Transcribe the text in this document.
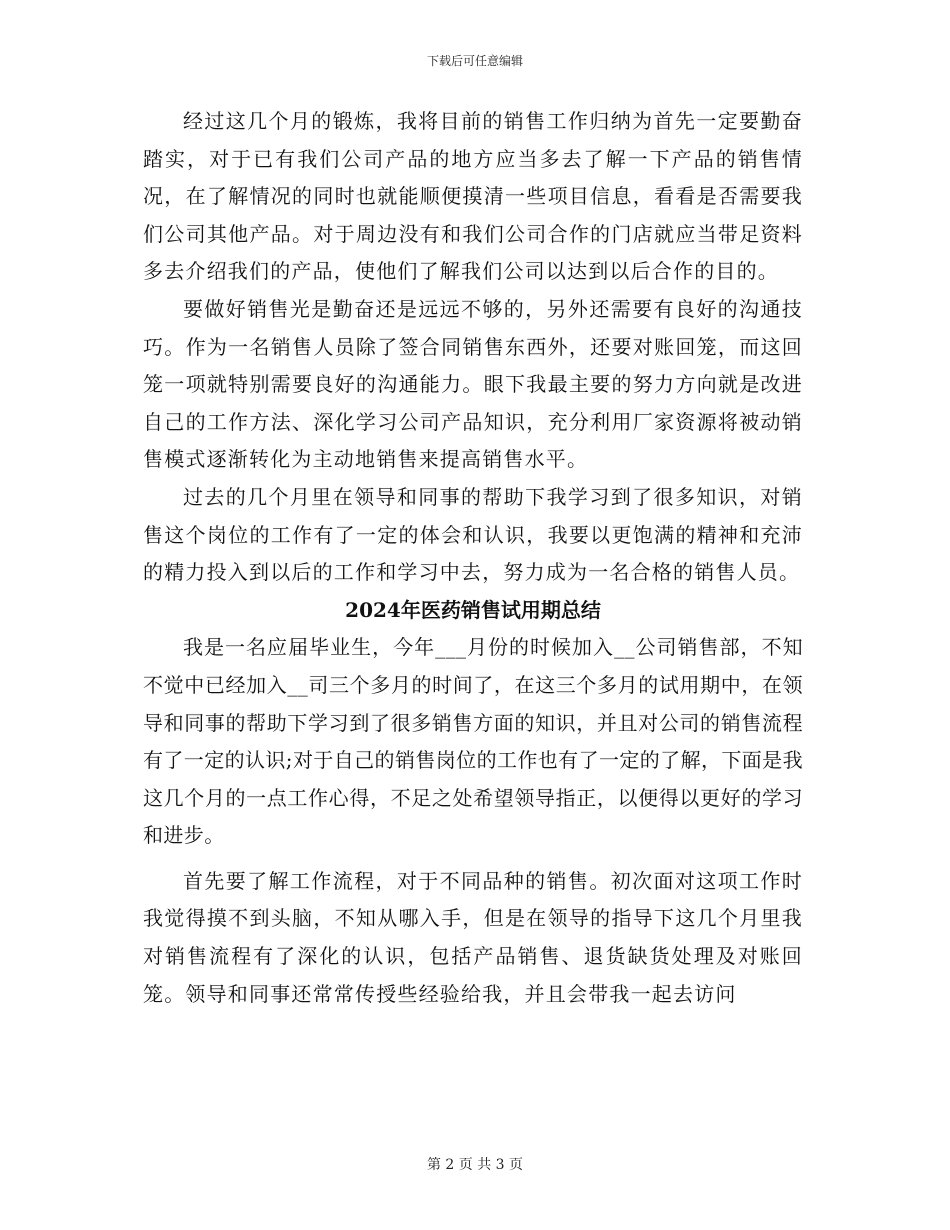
下载后可任意编辑

经过这几个月的锻炼，我将目前的销售工作归纳为首先一定要勤奋踏实，对于已有我们公司产品的地方应当多去了解一下产品的销售情况，在了解情况的同时也就能顺便摸清一些项目信息，看看是否需要我们公司其他产品。对于周边没有和我们公司合作的门店就应当带足资料多去介绍我们的产品，使他们了解我们公司以达到以后合作的目的。

要做好销售光是勤奋还是远远不够的，另外还需要有良好的沟通技巧。作为一名销售人员除了签合同销售东西外，还要对账回笼，而这回笼一项就特别需要良好的沟通能力。眼下我最主要的努力方向就是改进自己的工作方法、深化学习公司产品知识，充分利用厂家资源将被动销售模式逐渐转化为主动地销售来提高销售水平。

过去的几个月里在领导和同事的帮助下我学习到了很多知识，对销售这个岗位的工作有了一定的体会和认识，我要以更饱满的精神和充沛的精力投入到以后的工作和学习中去，努力成为一名合格的销售人员。

2024年医药销售试用期总结

我是一名应届毕业生，今年___月份的时候加入__公司销售部，不知不觉中已经加入__司三个多月的时间了，在这三个多月的试用期中，在领导和同事的帮助下学习到了很多销售方面的知识，并且对公司的销售流程有了一定的认识;对于自己的销售岗位的工作也有了一定的了解，下面是我这几个月的一点工作心得，不足之处希望领导指正，以便得以更好的学习和进步。

首先要了解工作流程，对于不同品种的销售。初次面对这项工作时我觉得摸不到头脑，不知从哪入手，但是在领导的指导下这几个月里我对销售流程有了深化的认识，包括产品销售、退货缺货处理及对账回笼。领导和同事还常常传授些经验给我，并且会带我一起去访问

第 2 页 共 3 页
